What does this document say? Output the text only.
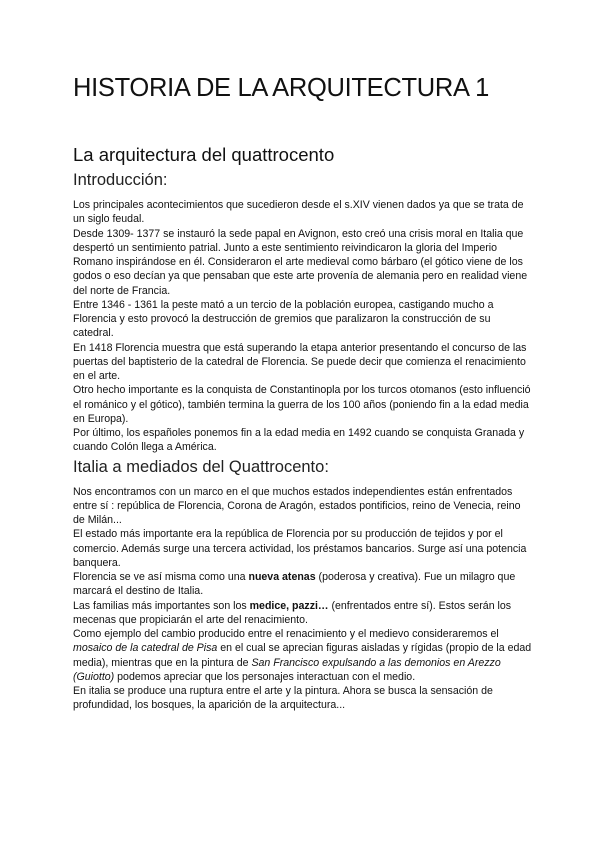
HISTORIA DE LA ARQUITECTURA 1
La arquitectura del quattrocento
Introducción:

Los principales acontecimientos que sucedieron desde el s.XIV vienen dados ya que se trata de un siglo feudal.

Desde 1309- 1377 se instauró la sede papal en Avignon, esto creó una crisis moral en Italia que despertó un sentimiento patrial. Junto a este sentimiento reivindicaron la gloria del Imperio Romano inspirándose en él. Consideraron el arte medieval como bárbaro (el gótico viene de los godos o eso decían ya que pensaban que este arte provenía de alemania pero en realidad viene del norte de Francia.

Entre 1346 - 1361 la peste mató a un tercio de la población europea, castigando mucho a Florencia y esto provocó la destrucción de gremios que paralizaron la construcción de su catedral.

En 1418 Florencia muestra que está superando la etapa anterior presentando el concurso de las puertas del baptisterio de la catedral de Florencia. Se puede decir que comienza el renacimiento en el arte.

Otro hecho importante es la conquista de Constantinopla por los turcos otomanos (esto influenció el románico y el gótico), también termina la guerra de los 100 años (poniendo fin a la edad media en Europa).

Por último, los españoles ponemos fin a la edad media en 1492 cuando se conquista Granada y cuando Colón llega a América.

Italia a mediados del Quattrocento:

Nos encontramos con un marco en el que muchos estados independientes están enfrentados entre sí : república de Florencia, Corona de Aragón, estados pontificios, reino de Venecia, reino de Milán...

El estado más importante era la república de Florencia por su producción de tejidos y por el comercio. Además surge una tercera actividad, los préstamos bancarios. Surge así una potencia banquera.

Florencia se ve así misma como una nueva atenas (poderosa y creativa). Fue un milagro que marcará el destino de Italia.

Las familias más importantes son los medice, pazzi… (enfrentados entre sí). Estos serán los mecenas que propiciarán el arte del renacimiento.

Como ejemplo del cambio producido entre el renacimiento y el medievo consideraremos el mosaico de la catedral de Pisa en el cual se aprecian figuras aisladas y rígidas (propio de la edad media), mientras que en la pintura de San Francisco expulsando a las demonios en Arezzo (Guiotto) podemos apreciar que los personajes interactuan con el medio.

En italia se produce una ruptura entre el arte y la pintura. Ahora se busca la sensación de profundidad, los bosques, la aparición de la arquitectura...
